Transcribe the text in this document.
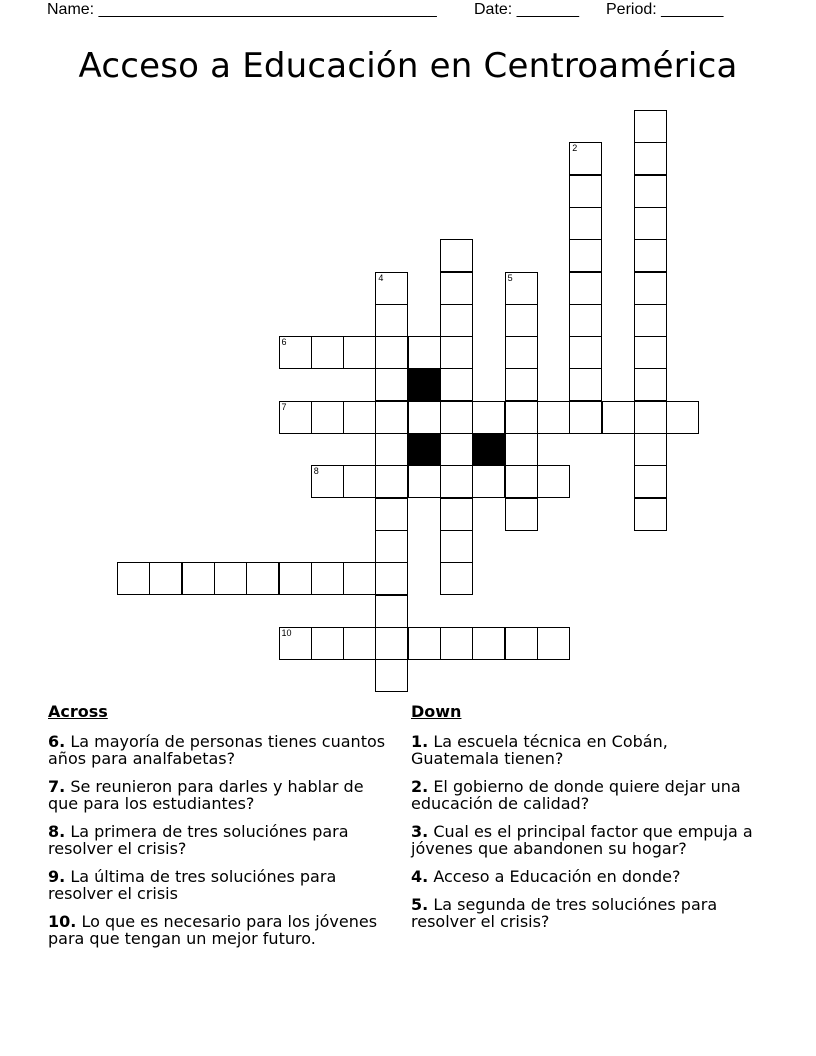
Name: ______________________________________ Date: _______ Period: _______
Acceso a Educación en Centroamérica
2
4	5
6
7
8
10
Across
6. La mayoría de personas tienes cuantos años para analfabetas?
7. Se reunieron para darles y hablar de que para los estudiantes?
8. La primera de tres soluciónes para resolver el crisis?
9. La última de tres soluciónes para resolver el crisis
10. Lo que es necesario para los jóvenes para que tengan un mejor futuro.
Down
1. La escuela técnica en Cobán, Guatemala tienen?
2. El gobierno de donde quiere dejar una educación de calidad?
3. Cual es el principal factor que empuja a jóvenes que abandonen su hogar?
4. Acceso a Educación en donde?
5. La segunda de tres soluciónes para resolver el crisis?
